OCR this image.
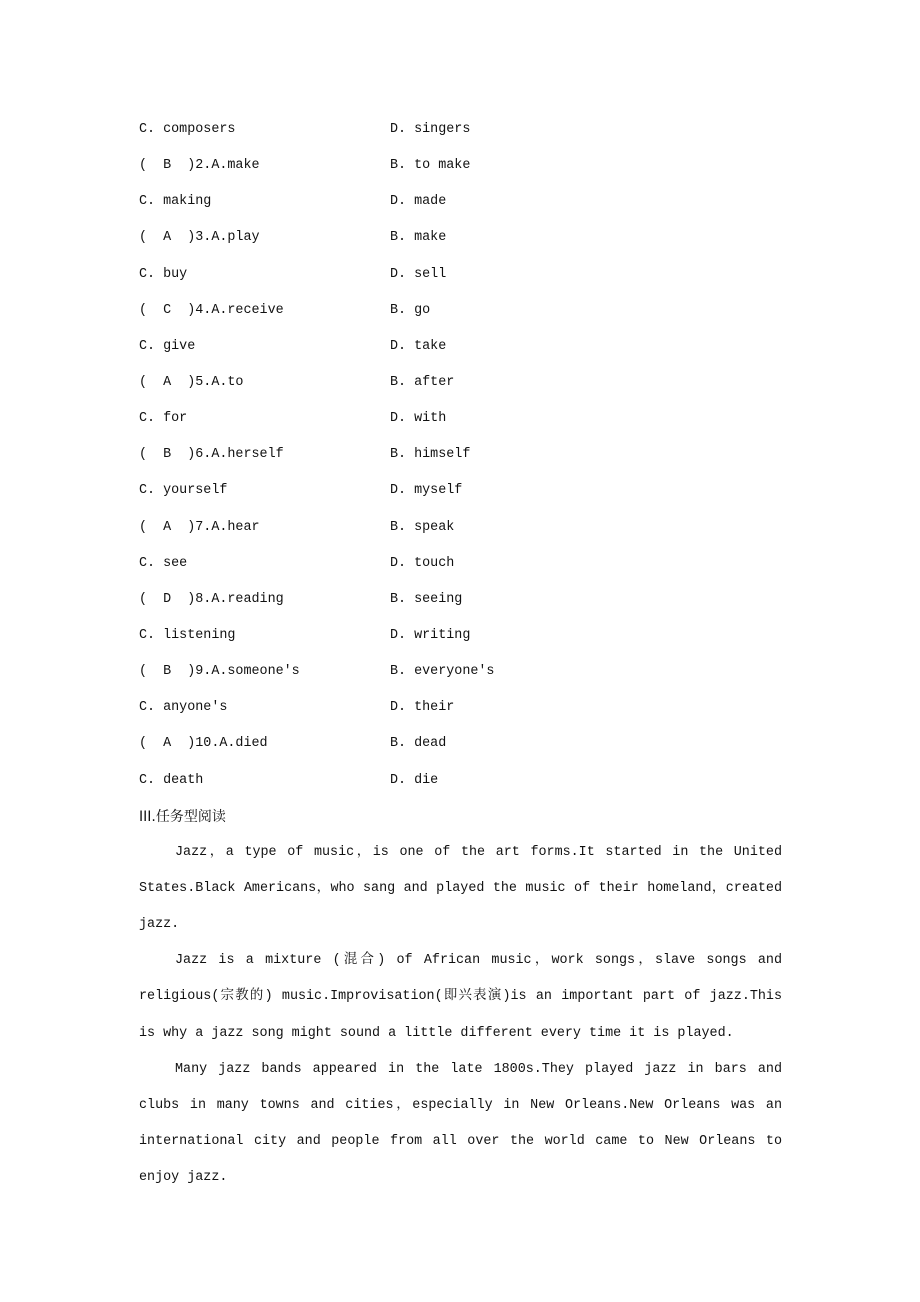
C. composers	D. singers
(  B  )2.A.make	B. to make
C. making	D. made
(  A  )3.A.play	B. make
C. buy	D. sell
(  C  )4.A.receive	B. go
C. give	D. take
(  A  )5.A.to	B. after
C. for	D. with
(  B  )6.A.herself	B. himself
C. yourself	D. myself
(  A  )7.A.hear	B. speak
C. see	D. touch
(  D  )8.A.reading	B. seeing
C. listening	D. writing
(  B  )9.A.someone's	B. everyone's
C. anyone's	D. their
(  A  )10.A.died	B. dead
C. death	D. die
III.任务型阅读

Jazz，a type of music，is one of the art forms.It started in the United States.Black Americans，who sang and played the music of their homeland，created jazz.

Jazz is a mixture (混合) of African music，work songs，slave songs and religious(宗教的) music.Improvisation(即兴表演)is an important part of jazz.This is why a jazz song might sound a little different every time it is played.

Many jazz bands appeared in the late 1800s.They played jazz in bars and clubs in many towns and cities，especially in New Orleans.New Orleans was an international city and people from all over the world came to New Orleans to enjoy jazz.
